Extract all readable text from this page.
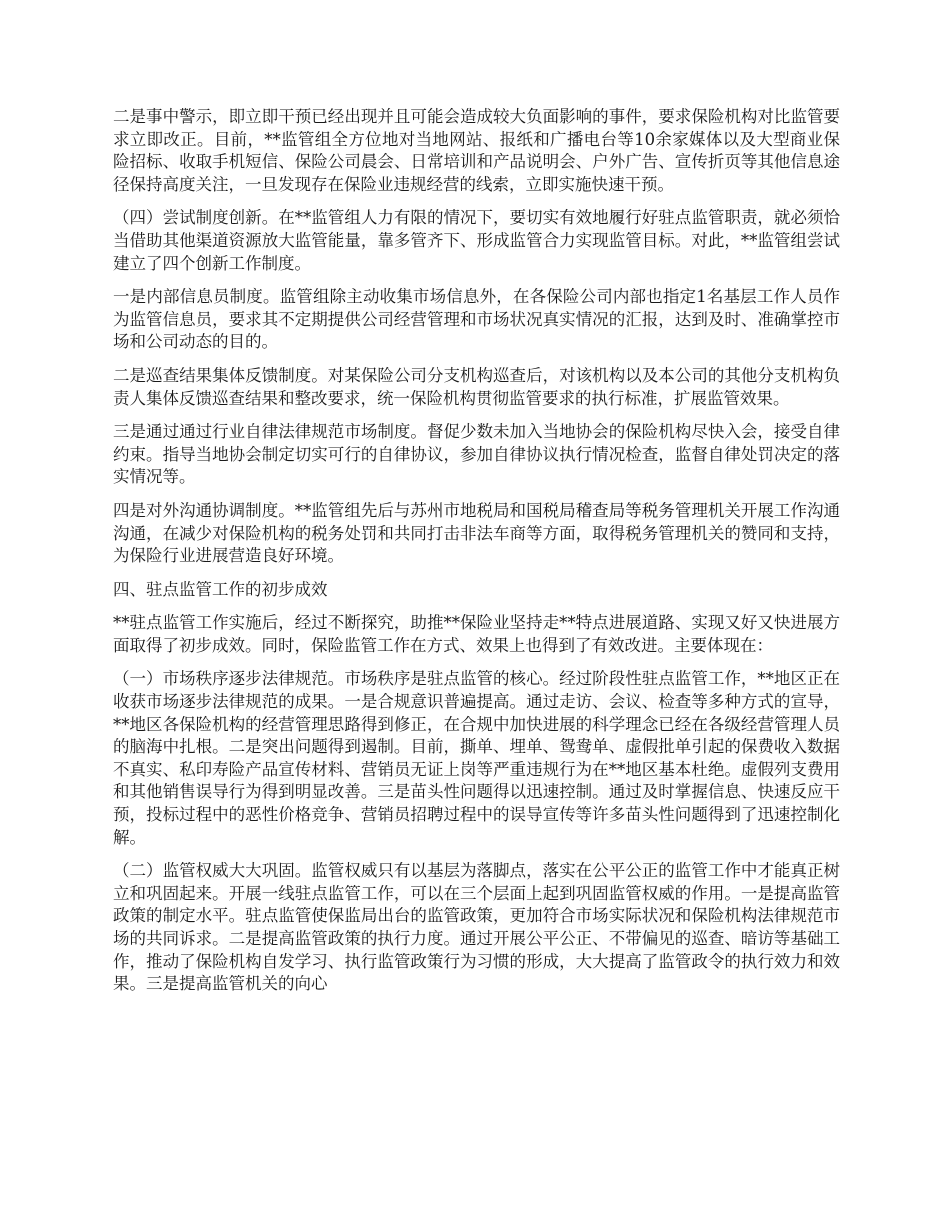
二是事中警示，即立即干预已经出现并且可能会造成较大负面影响的事件，要求保险机构对比监管要求立即改正。目前，**监管组全方位地对当地网站、报纸和广播电台等10余家媒体以及大型商业保险招标、收取手机短信、保险公司晨会、日常培训和产品说明会、户外广告、宣传折页等其他信息途径保持高度关注，一旦发现存在保险业违规经营的线索，立即实施快速干预。

（四）尝试制度创新。在**监管组人力有限的情况下，要切实有效地履行好驻点监管职责，就必须恰当借助其他渠道资源放大监管能量，靠多管齐下、形成监管合力实现监管目标。对此，**监管组尝试建立了四个创新工作制度。

一是内部信息员制度。监管组除主动收集市场信息外，在各保险公司内部也指定1名基层工作人员作为监管信息员，要求其不定期提供公司经营管理和市场状况真实情况的汇报，达到及时、准确掌控市场和公司动态的目的。

二是巡查结果集体反馈制度。对某保险公司分支机构巡查后，对该机构以及本公司的其他分支机构负责人集体反馈巡查结果和整改要求，统一保险机构贯彻监管要求的执行标准，扩展监管效果。

三是通过通过行业自律法律规范市场制度。督促少数未加入当地协会的保险机构尽快入会，接受自律约束。指导当地协会制定切实可行的自律协议，参加自律协议执行情况检查，监督自律处罚决定的落实情况等。

四是对外沟通协调制度。**监管组先后与苏州市地税局和国税局稽查局等税务管理机关开展工作沟通沟通，在减少对保险机构的税务处罚和共同打击非法车商等方面，取得税务管理机关的赞同和支持，为保险行业进展营造良好环境。

四、驻点监管工作的初步成效

**驻点监管工作实施后，经过不断探究，助推**保险业坚持走**特点进展道路、实现又好又快进展方面取得了初步成效。同时，保险监管工作在方式、效果上也得到了有效改进。主要体现在：

（一）市场秩序逐步法律规范。市场秩序是驻点监管的核心。经过阶段性驻点监管工作，**地区正在收获市场逐步法律规范的成果。一是合规意识普遍提高。通过走访、会议、检查等多种方式的宣导，**地区各保险机构的经营管理思路得到修正，在合规中加快进展的科学理念已经在各级经营管理人员的脑海中扎根。二是突出问题得到遏制。目前，撕单、埋单、鸳鸯单、虚假批单引起的保费收入数据不真实、私印寿险产品宣传材料、营销员无证上岗等严重违规行为在**地区基本杜绝。虚假列支费用和其他销售误导行为得到明显改善。三是苗头性问题得以迅速控制。通过及时掌握信息、快速反应干预，投标过程中的恶性价格竞争、营销员招聘过程中的误导宣传等许多苗头性问题得到了迅速控制化解。

（二）监管权威大大巩固。监管权威只有以基层为落脚点，落实在公平公正的监管工作中才能真正树立和巩固起来。开展一线驻点监管工作，可以在三个层面上起到巩固监管权威的作用。一是提高监管政策的制定水平。驻点监管使保监局出台的监管政策，更加符合市场实际状况和保险机构法律规范市场的共同诉求。二是提高监管政策的执行力度。通过开展公平公正、不带偏见的巡查、暗访等基础工作，推动了保险机构自发学习、执行监管政策行为习惯的形成，大大提高了监管政令的执行效力和效果。三是提高监管机关的向心
